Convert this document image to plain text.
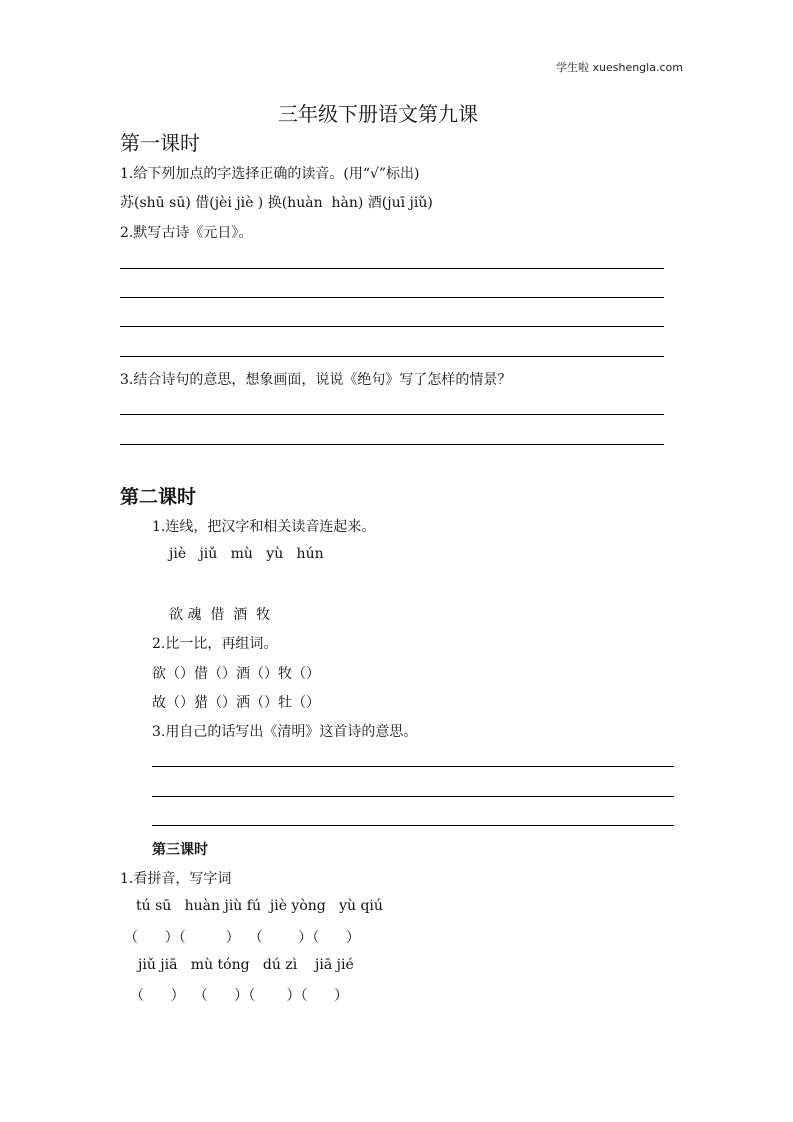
学生啦 xueshengla.com
三年级下册语文第九课
第一课时
1.给下列加点的字选择正确的读音。(用“√”标出)
苏(shū sū) 借(jèi jiè ) 换(huàn  hàn) 酒(juī jiǔ)
2.默写古诗《元日》。
3.结合诗句的意思，想象画面，说说《绝句》写了怎样的情景？
第二课时
1.连线，把汉字和相关读音连起来。
jiè   jiǔ   mù   yù   hún
欲 魂  借  酒  牧
2.比一比，再组词。
欲（）借（）酒（）牧（）
故（）猎（）洒（）牡（）
3.用自己的话写出《清明》这首诗的意思。
第三课时
1.看拼音，写字词
tú sū   huàn jiù fú  jiè yòng   yù qiú
（      ）（         ）  （        ）（      ）
jiǔ jiā   mù tóng   dú zì    jiā jié
（      ）  （      ）（       ）（      ）
